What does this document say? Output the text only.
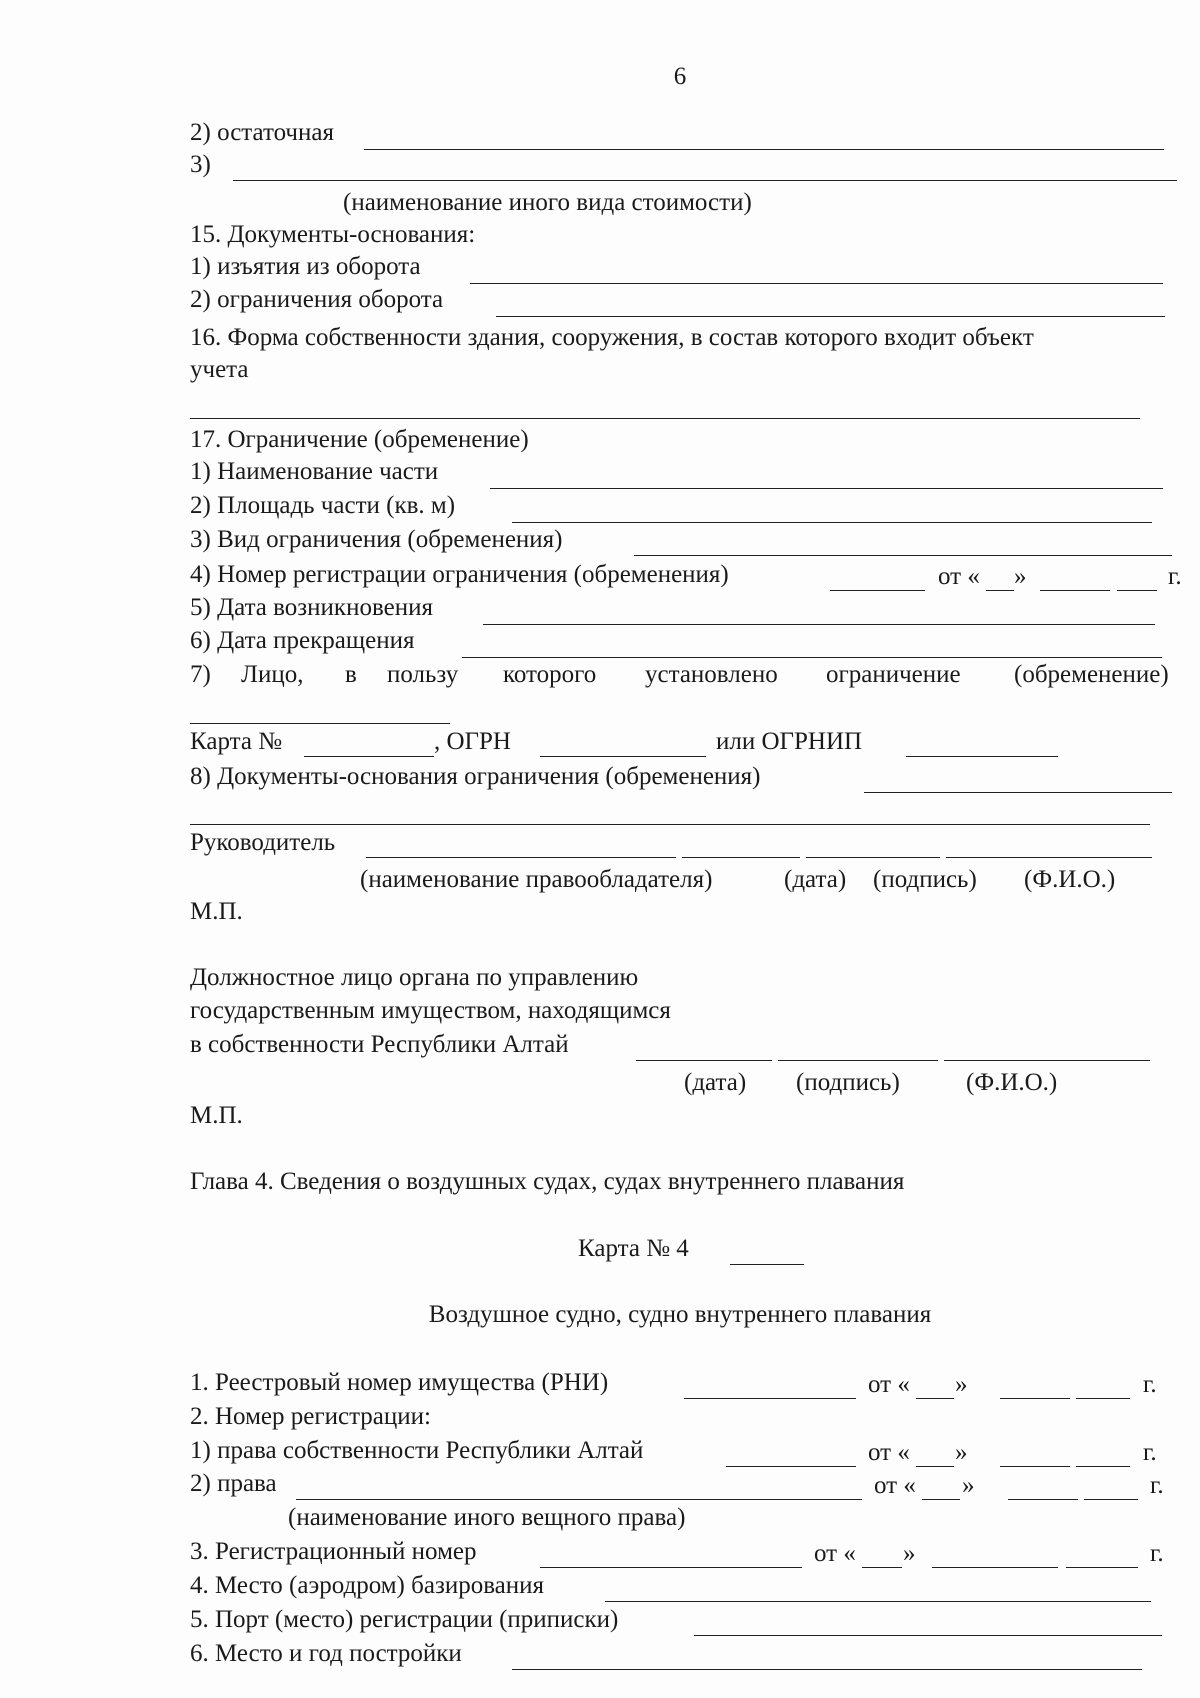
6
2) остаточная
3)
(наименование иного вида стоимости)
15. Документы-основания:
1) изъятия из оборота
2) ограничения оборота
16. Форма собственности здания, сооружения, в состав которого входит объект
учета
17. Ограничение (обременение)
1) Наименование части
2) Площадь части (кв. м)
3) Вид ограничения (обременения)
4) Номер регистрации ограничения (обременения)	от « »	г.
5) Дата возникновения
6) Дата прекращения
7) Лицо, в пользу которого установлено ограничение (обременение)
Карта №	, ОГРН	или ОГРНИП
8) Документы-основания ограничения (обременения)
Руководитель
(наименование правообладателя)	(дата) (подпись) (Ф.И.О.)
М.П.
Должностное лицо органа по управлению
государственным имуществом, находящимся
в собственности Республики Алтай
(дата) (подпись)	(Ф.И.О.)
М.П.
Глава 4. Сведения о воздушных судах, судах внутреннего плавания
Карта № 4
Воздушное судно, судно внутреннего плавания
1. Реестровый номер имущества (РНИ)	от « »	г.
2. Номер регистрации:
1) права собственности Республики Алтай	от « »	г.
2) права	от « »	г.
(наименование иного вещного права)
3. Регистрационный номер	от « »	г.
4. Место (аэродром) базирования
5. Порт (место) регистрации (приписки)
6. Место и год постройки
